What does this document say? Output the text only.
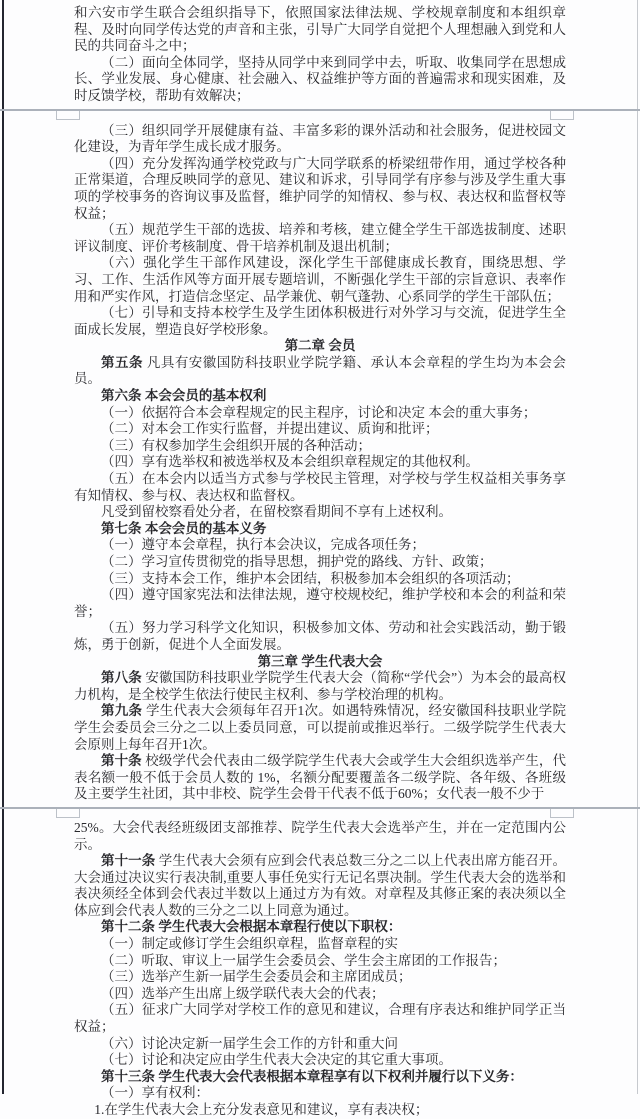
和六安市学生联合会组织指导下，依照国家法律法规、学校规章制度和本组织章程、及时向同学传达党的声音和主张，引导广大同学自觉把个人理想融入到党和人民的共同奋斗之中；

（二）面向全体同学，坚持从同学中来到同学中去，听取、收集同学在思想成长、学业发展、身心健康、社会融入、权益维护等方面的普遍需求和现实困难，及时反馈学校，帮助有效解决；

（三）组织同学开展健康有益、丰富多彩的课外活动和社会服务，促进校园文化建设，为青年学生成长成才服务。

（四）充分发挥沟通学校党政与广大同学联系的桥梁纽带作用，通过学校各种正常渠道，合理反映同学的意见、建议和诉求，引导同学有序参与涉及学生重大事项的学校事务的咨询议事及监督，维护同学的知情权、参与权、表达权和监督权等权益；

（五）规范学生干部的选拔、培养和考核，建立健全学生干部选拔制度、述职评议制度、评价考核制度、骨干培养机制及退出机制；

（六）强化学生干部作风建设，深化学生干部健康成长教育，围绕思想、学习、工作、生活作风等方面开展专题培训，不断强化学生干部的宗旨意识、表率作用和严实作风，打造信念坚定、品学兼优、朝气蓬勃、心系同学的学生干部队伍；

（七）引导和支持本校学生及学生团体积极进行对外学习与交流，促进学生全面成长发展，塑造良好学校形象。

第二章 会员

第五条 凡具有安徽国防科技职业学院学籍、承认本会章程的学生均为本会会员。

第六条 本会会员的基本权利

（一）依据符合本会章程规定的民主程序，讨论和决定 本会的重大事务；

（二）对本会工作实行监督，并提出建议、质询和批评；

（三）有权参加学生会组织开展的各种活动；

（四）享有选举权和被选举权及本会组织章程规定的其他权利。

（五）在本会内以适当方式参与学校民主管理，对学校与学生权益相关事务享有知情权、参与权、表达权和监督权。

凡受到留校察看处分者，在留校察看期间不享有上述权利。

第七条 本会会员的基本义务

（一）遵守本会章程，执行本会决议，完成各项任务；

（二）学习宣传贯彻党的指导思想，拥护党的路线、方针、政策；

（三）支持本会工作，维护本会团结，积极参加本会组织的各项活动；

（四）遵守国家宪法和法律法规，遵守校规校纪，维护学校和本会的利益和荣誉；

（五）努力学习科学文化知识，积极参加文体、劳动和社会实践活动，勤于锻炼，勇于创新，促进个人全面发展。

第三章 学生代表大会

第八条 安徽国防科技职业学院学生代表大会（简称“学代会”）为本会的最高权力机构，是全校学生依法行使民主权利、参与学校治理的机构。

第九条 学生代表大会须每年召开1次。如遇特殊情况，经安徽国科技职业学院学生会委员会三分之二以上委员同意，可以提前或推迟举行。二级学院学生代表大会原则上每年召开1次。

第十条 校级学代会代表由二级学院学生代表大会或学生大会组织选举产生，代表名额一般不低于会员人数的 1%，名额分配要覆盖各二级学院、各年级、各班级及主要学生社团，其中非校、院学生会骨干代表不低于60%；女代表一般不少于

25%。大会代表经班级团支部推荐、院学生代表大会选举产生，并在一定范围内公示。

第十一条 学生代表大会须有应到会代表总数三分之二以上代表出席方能召开。大会通过决议实行表决制,重要人事任免实行无记名票决制。学生代表大会的选举和表决须经全体到会代表过半数以上通过方为有效。对章程及其修正案的表决须以全体应到会代表人数的三分之二以上同意为通过。

第十二条 学生代表大会根据本章程行使以下职权：

（一）制定或修订学生会组织章程，监督章程的实

（二）听取、审议上一届学生会委员会、学生会主席团的工作报告；

（三）选举产生新一届学生会委员会和主席团成员；

（四）选举产生出席上级学联代表大会的代表；

（五）征求广大同学对学校工作的意见和建议，合理有序表达和维护同学正当权益；

（六）讨论决定新一届学生会工作的方针和重大问

（七）讨论和决定应由学生代表大会决定的其它重大事项。

第十三条 学生代表大会代表根据本章程享有以下权利并履行以下义务：

（一）享有权利：

1.在学生代表大会上充分发表意见和建议，享有表决权；
